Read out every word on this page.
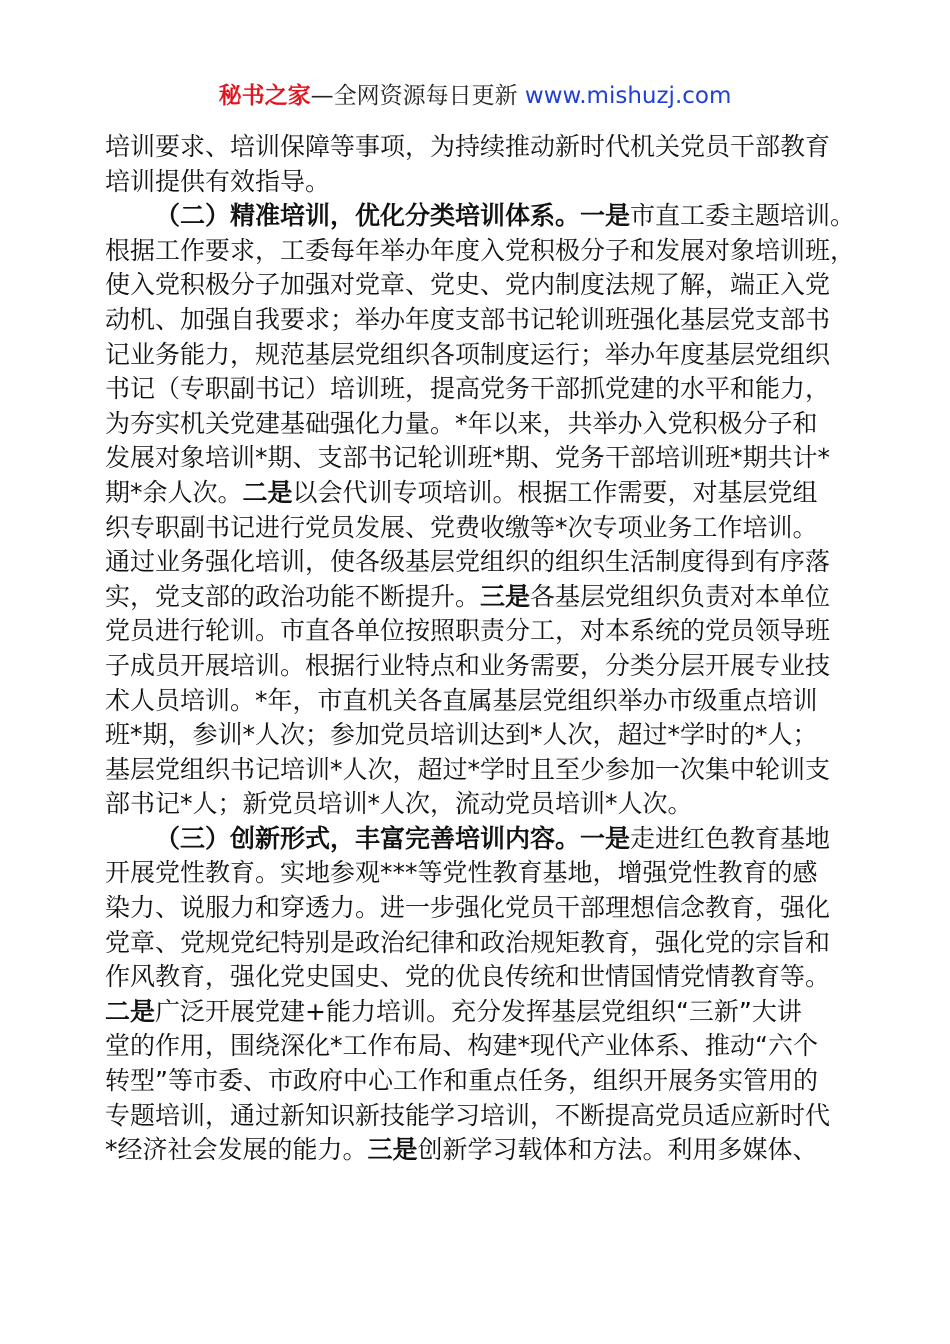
秘书之家—全网资源每日更新 www.mishuzj.com
培训要求、培训保障等事项，为持续推动新时代机关党员干部教育
培训提供有效指导。
（二）精准培训，优化分类培训体系。一是市直工委主题培训。
根据工作要求，工委每年举办年度入党积极分子和发展对象培训班，
使入党积极分子加强对党章、党史、党内制度法规了解，端正入党
动机、加强自我要求；举办年度支部书记轮训班强化基层党支部书
记业务能力，规范基层党组织各项制度运行；举办年度基层党组织
书记（专职副书记）培训班，提高党务干部抓党建的水平和能力，
为夯实机关党建基础强化力量。*年以来，共举办入党积极分子和
发展对象培训*期、支部书记轮训班*期、党务干部培训班*期共计*
期*余人次。二是以会代训专项培训。根据工作需要，对基层党组
织专职副书记进行党员发展、党费收缴等*次专项业务工作培训。
通过业务强化培训，使各级基层党组织的组织生活制度得到有序落
实，党支部的政治功能不断提升。三是各基层党组织负责对本单位
党员进行轮训。市直各单位按照职责分工，对本系统的党员领导班
子成员开展培训。根据行业特点和业务需要，分类分层开展专业技
术人员培训。*年，市直机关各直属基层党组织举办市级重点培训
班*期，参训*人次；参加党员培训达到*人次，超过*学时的*人；
基层党组织书记培训*人次，超过*学时且至少参加一次集中轮训支
部书记*人；新党员培训*人次，流动党员培训*人次。
（三）创新形式，丰富完善培训内容。一是走进红色教育基地
开展党性教育。实地参观***等党性教育基地，增强党性教育的感
染力、说服力和穿透力。进一步强化党员干部理想信念教育，强化
党章、党规党纪特别是政治纪律和政治规矩教育，强化党的宗旨和
作风教育，强化党史国史、党的优良传统和世情国情党情教育等。
二是广泛开展党建+能力培训。充分发挥基层党组织“三新”大讲
堂的作用，围绕深化*工作布局、构建*现代产业体系、推动“六个
转型”等市委、市政府中心工作和重点任务，组织开展务实管用的
专题培训，通过新知识新技能学习培训，不断提高党员适应新时代
*经济社会发展的能力。三是创新学习载体和方法。利用多媒体、
